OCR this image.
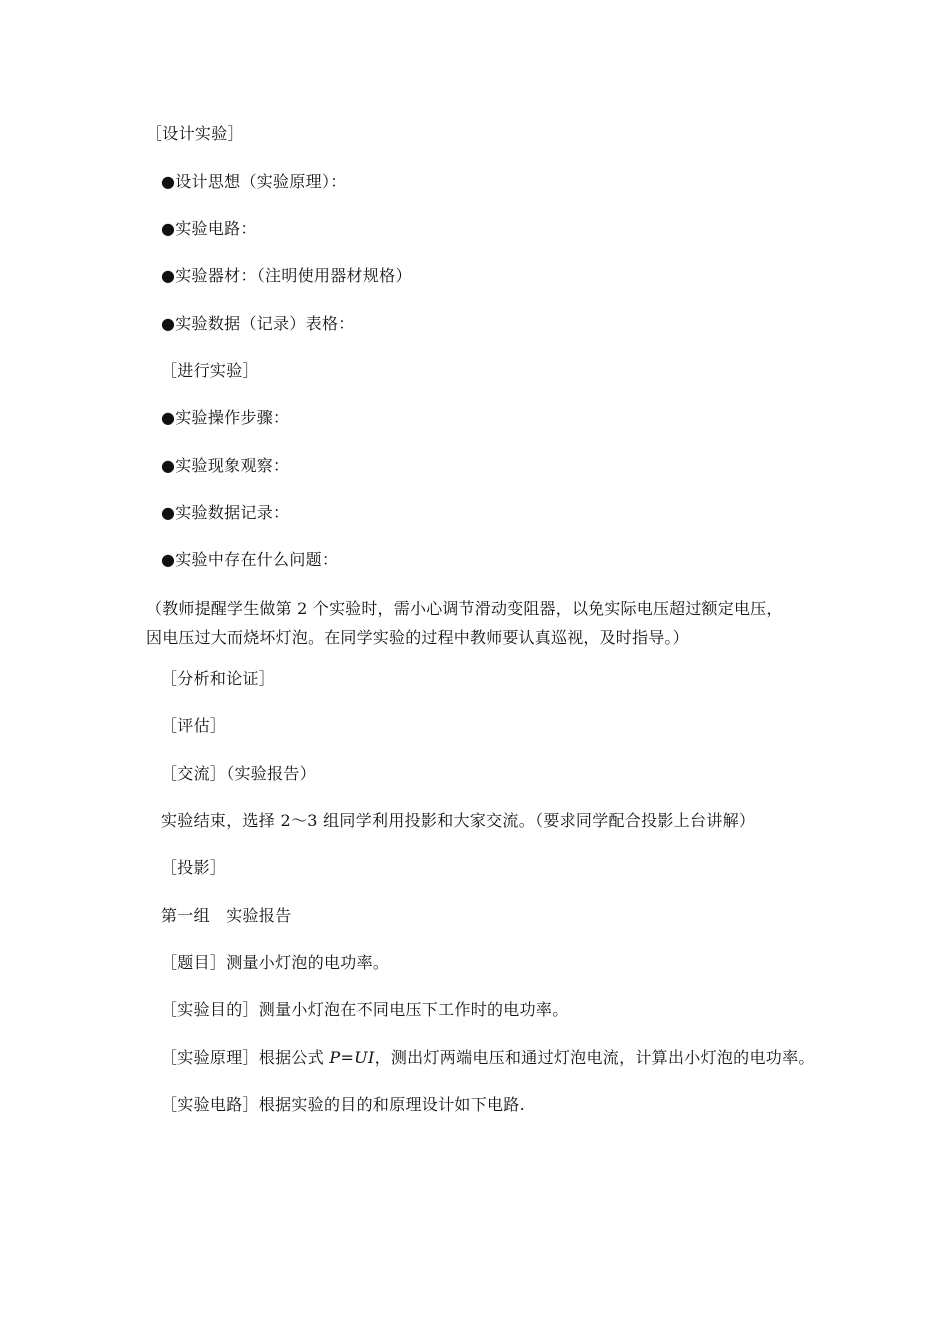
［设计实验］
●设计思想（实验原理）：
●实验电路：
●实验器材：（注明使用器材规格）
●实验数据（记录）表格：
［进行实验］
●实验操作步骤：
●实验现象观察：
●实验数据记录：
●实验中存在什么问题：
（教师提醒学生做第 2 个实验时，需小心调节滑动变阻器，以免实际电压超过额定电压，
因电压过大而烧坏灯泡。在同学实验的过程中教师要认真巡视，及时指导。）
［分析和论证］
［评估］
［交流］（实验报告）
实验结束，选择 2～3 组同学利用投影和大家交流。（要求同学配合投影上台讲解）
［投影］
第一组　实验报告
［题目］测量小灯泡的电功率。
［实验目的］测量小灯泡在不同电压下工作时的电功率。
［实验原理］根据公式 P=UI，测出灯两端电压和通过灯泡电流，计算出小灯泡的电功率。
［实验电路］根据实验的目的和原理设计如下电路.
